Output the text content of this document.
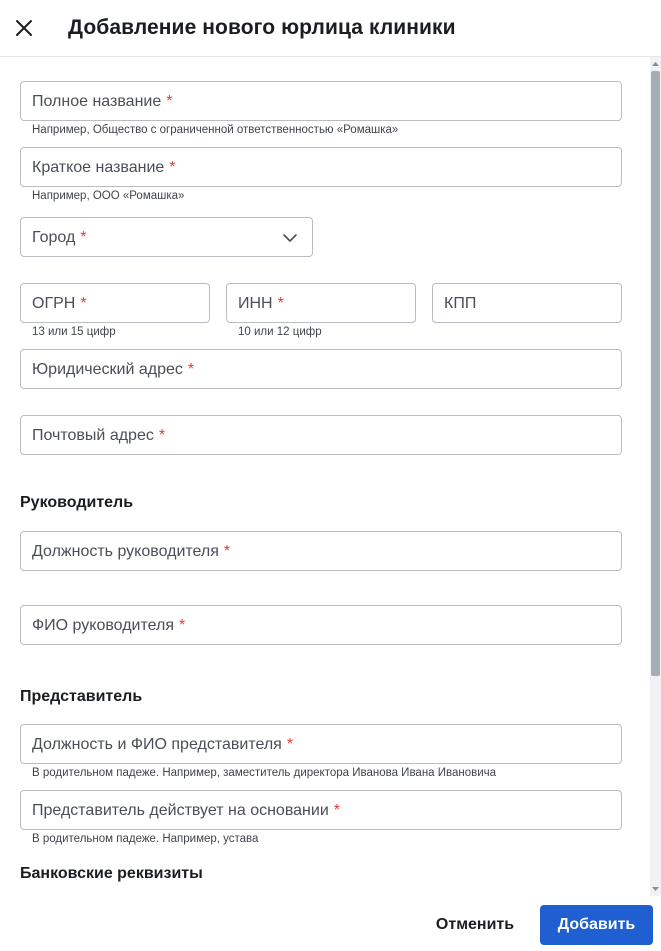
Добавление нового юрлица клиники
Полное название *
Например, Общество с ограниченной ответственностью «Ромашка»
Краткое название *
Например, ООО «Ромашка»
Город *
ОГРН *
13 или 15 цифр
ИНН *
10 или 12 цифр
КПП
Юридический адрес *
Почтовый адрес *
Руководитель
Должность руководителя *
ФИО руководителя *
Представитель
Должность и ФИО представителя *
В родительном падеже. Например, заместитель директора Иванова Ивана Ивановича
Представитель действует на основании *
В родительном падеже. Например, устава
Банковские реквизиты
Отменить	Добавить
